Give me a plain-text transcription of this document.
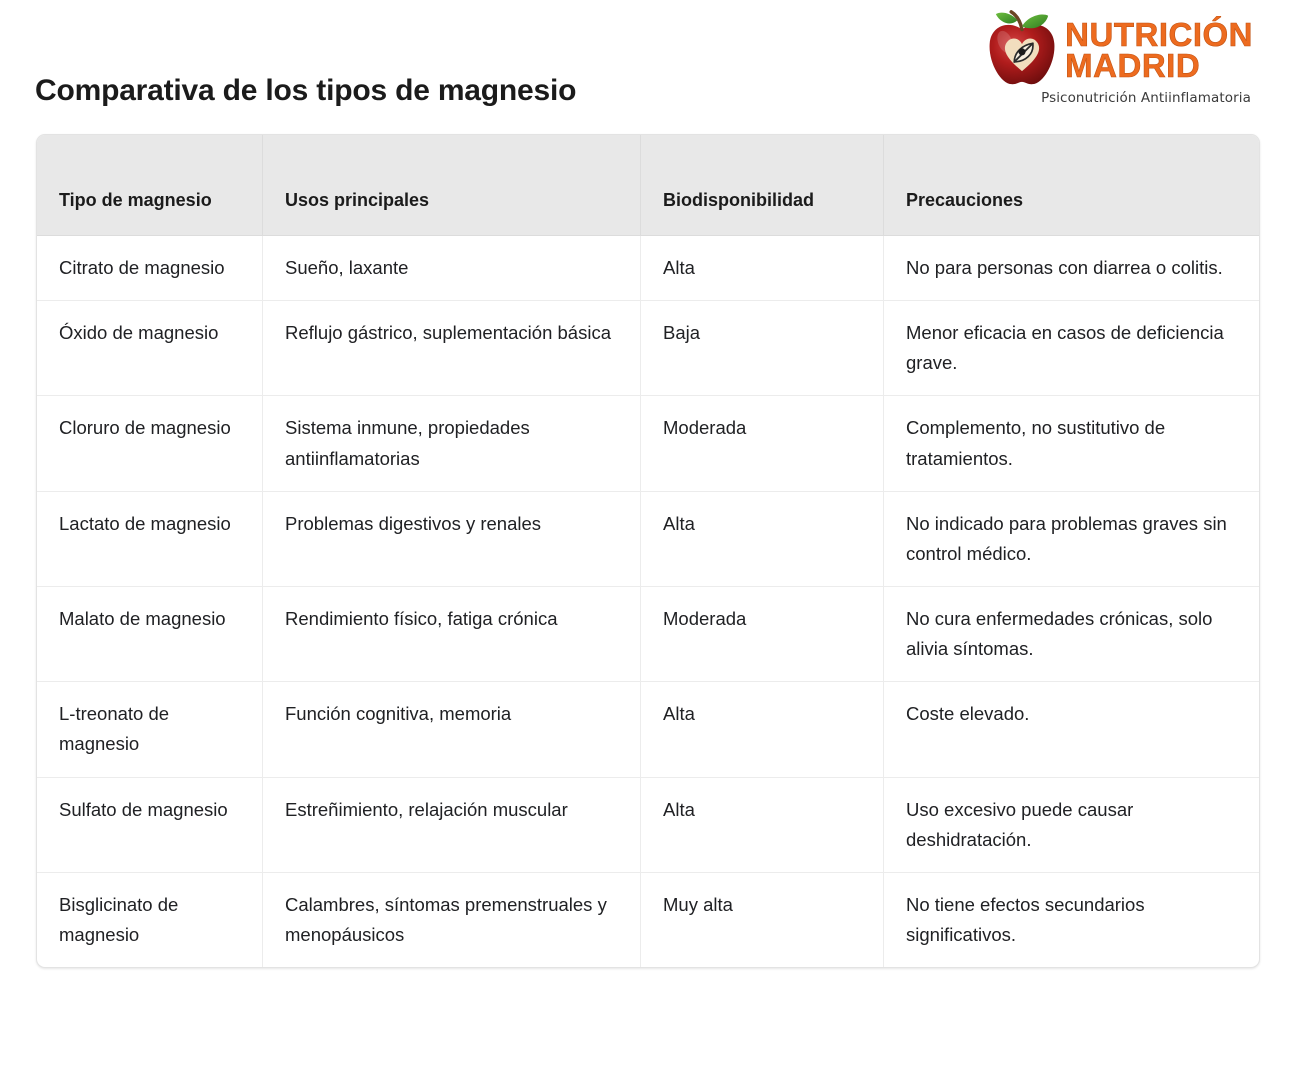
NUTRICIÓN
MADRID
Psiconutrición Antiinflamatoria
Comparativa de los tipos de magnesio
Tipo de magnesio	Usos principales	Biodisponibilidad	Precauciones
Citrato de magnesio	Sueño, laxante	Alta	No para personas con diarrea o colitis.
Óxido de magnesio	Reflujo gástrico, suplementación básica	Baja	Menor eficacia en casos de deficiencia grave.
Cloruro de magnesio	Sistema inmune, propiedades antiinflamatorias	Moderada	Complemento, no sustitutivo de tratamientos.
Lactato de magnesio	Problemas digestivos y renales	Alta	No indicado para problemas graves sin control médico.
Malato de magnesio	Rendimiento físico, fatiga crónica	Moderada	No cura enfermedades crónicas, solo alivia síntomas.
L-treonato de magnesio	Función cognitiva, memoria	Alta	Coste elevado.
Sulfato de magnesio	Estreñimiento, relajación muscular	Alta	Uso excesivo puede causar deshidratación.
Bisglicinato de magnesio	Calambres, síntomas premenstruales y menopáusicos	Muy alta	No tiene efectos secundarios significativos.
